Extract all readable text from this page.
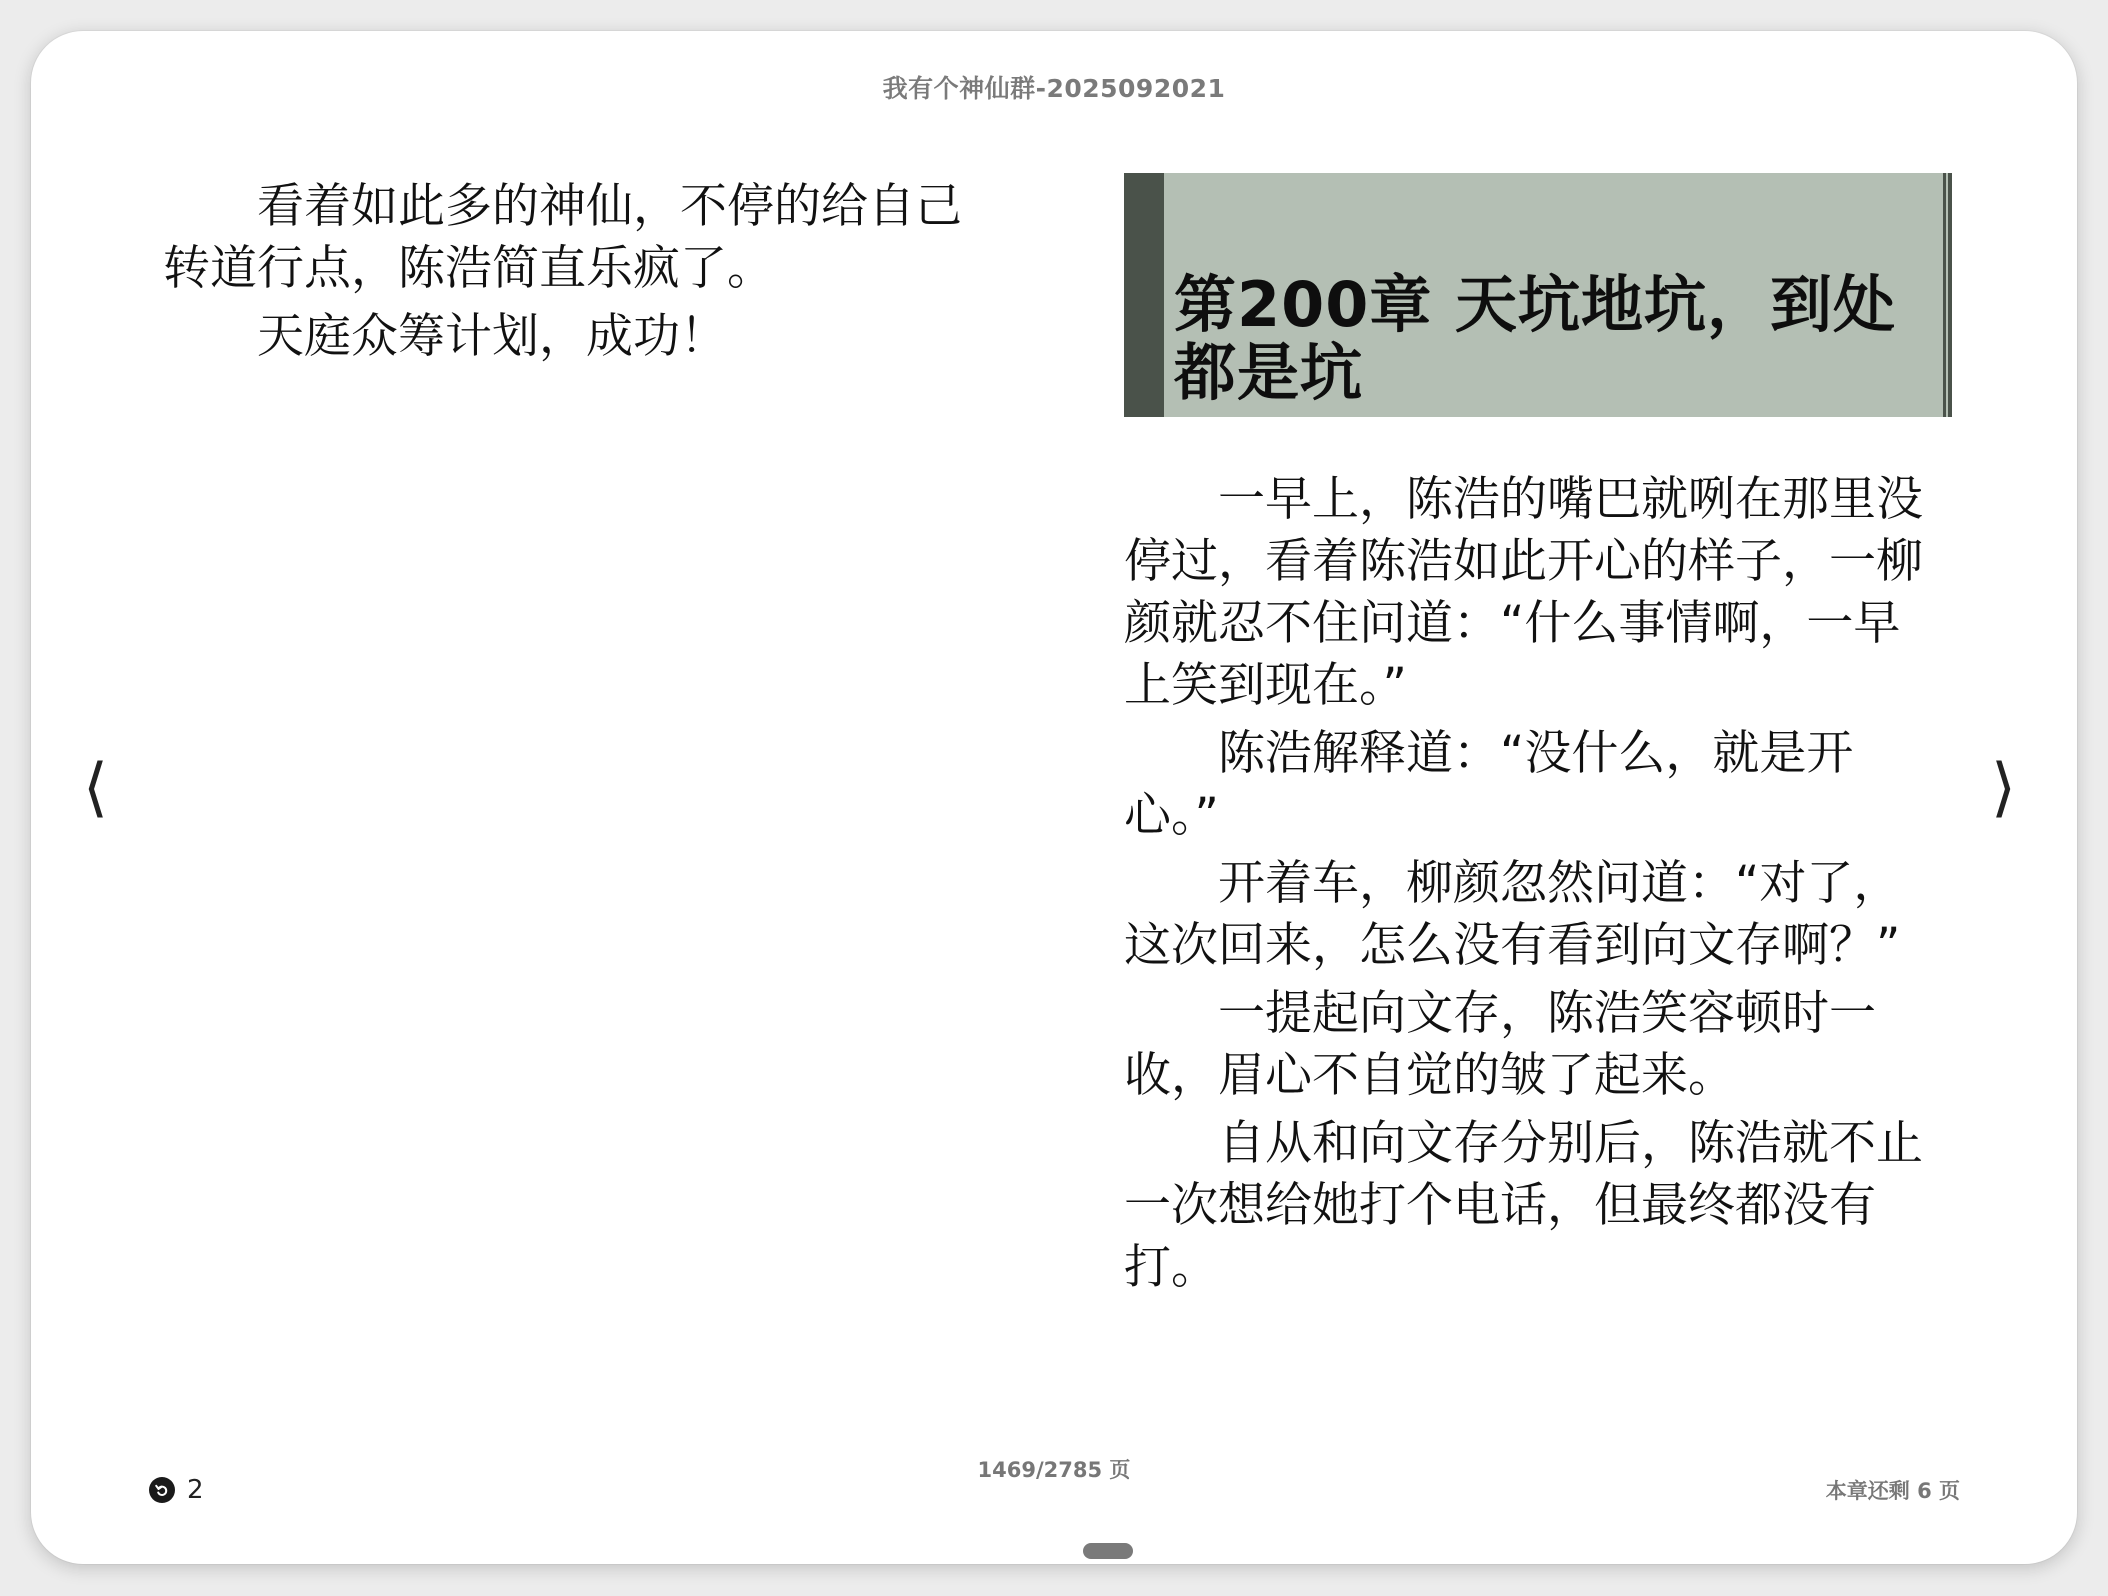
我有个神仙群-2025092021

看着如此多的神仙，不停的给自己转道行点，陈浩简直乐疯了。

天庭众筹计划，成功！	第200章 天坑地坑，到处都是坑

一早上，陈浩的嘴巴就咧在那里没停过，看着陈浩如此开心的样子，一柳颜就忍不住问道：“什么事情啊，一早上笑到现在。”

陈浩解释道：“没什么，就是开心。”

开着车，柳颜忽然问道：“对了，这次回来，怎么没有看到向文存啊？”

一提起向文存，陈浩笑容顿时一收，眉心不自觉的皱了起来。

自从和向文存分别后，陈浩就不止一次想给她打个电话，但最终都没有打。

⟨	⟩
2
1469/2785 页
本章还剩 6 页
